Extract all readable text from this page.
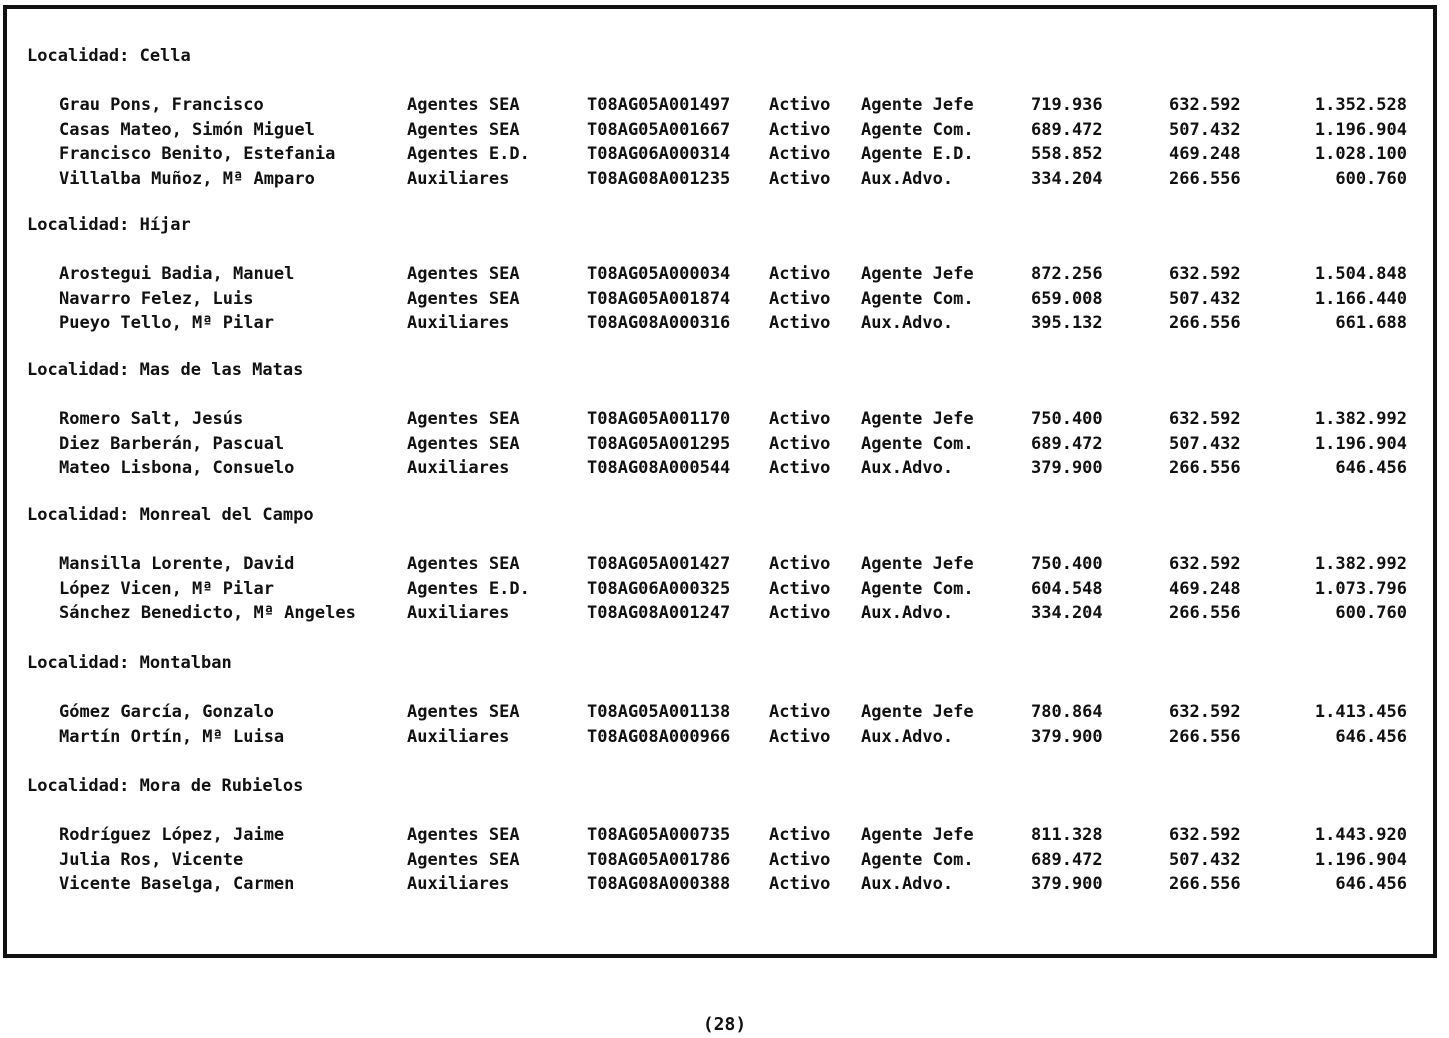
Localidad: Cella
Grau Pons, Francisco	Agentes SEA	T08AG05A001497 Activo Agente Jefe	719.936	632.592	1.352.528
Casas Mateo, Simón Miguel	Agentes SEA	T08AG05A001667 Activo Agente Com.	689.472	507.432	1.196.904
Francisco Benito, Estefania	Agentes E.D.	T08AG06A000314 Activo Agente E.D.	558.852	469.248	1.028.100
Villalba Muñoz, Mª Amparo	Auxiliares	T08AG08A001235 Activo Aux.Advo.	334.204	266.556	600.760
Localidad: Híjar
Arostegui Badia, Manuel	Agentes SEA	T08AG05A000034 Activo Agente Jefe	872.256	632.592	1.504.848
Navarro Felez, Luis	Agentes SEA	T08AG05A001874 Activo Agente Com.	659.008	507.432	1.166.440
Pueyo Tello, Mª Pilar	Auxiliares	T08AG08A000316 Activo Aux.Advo.	395.132	266.556	661.688
Localidad: Mas de las Matas
Romero Salt, Jesús	Agentes SEA	T08AG05A001170 Activo Agente Jefe	750.400	632.592	1.382.992
Diez Barberán, Pascual	Agentes SEA	T08AG05A001295 Activo Agente Com.	689.472	507.432	1.196.904
Mateo Lisbona, Consuelo	Auxiliares	T08AG08A000544 Activo Aux.Advo.	379.900	266.556	646.456
Localidad: Monreal del Campo
Mansilla Lorente, David	Agentes SEA	T08AG05A001427 Activo Agente Jefe	750.400	632.592	1.382.992
López Vicen, Mª Pilar	Agentes E.D.	T08AG06A000325 Activo Agente Com.	604.548	469.248	1.073.796
Sánchez Benedicto, Mª Angeles	Auxiliares	T08AG08A001247 Activo Aux.Advo.	334.204	266.556	600.760
Localidad: Montalban
Gómez García, Gonzalo	Agentes SEA	T08AG05A001138 Activo Agente Jefe	780.864	632.592	1.413.456
Martín Ortín, Mª Luisa	Auxiliares	T08AG08A000966 Activo Aux.Advo.	379.900	266.556	646.456
Localidad: Mora de Rubielos
Rodríguez López, Jaime	Agentes SEA	T08AG05A000735 Activo Agente Jefe	811.328	632.592	1.443.920
Julia Ros, Vicente	Agentes SEA	T08AG05A001786 Activo Agente Com.	689.472	507.432	1.196.904
Vicente Baselga, Carmen	Auxiliares	T08AG08A000388 Activo Aux.Advo.	379.900	266.556	646.456
(28)
